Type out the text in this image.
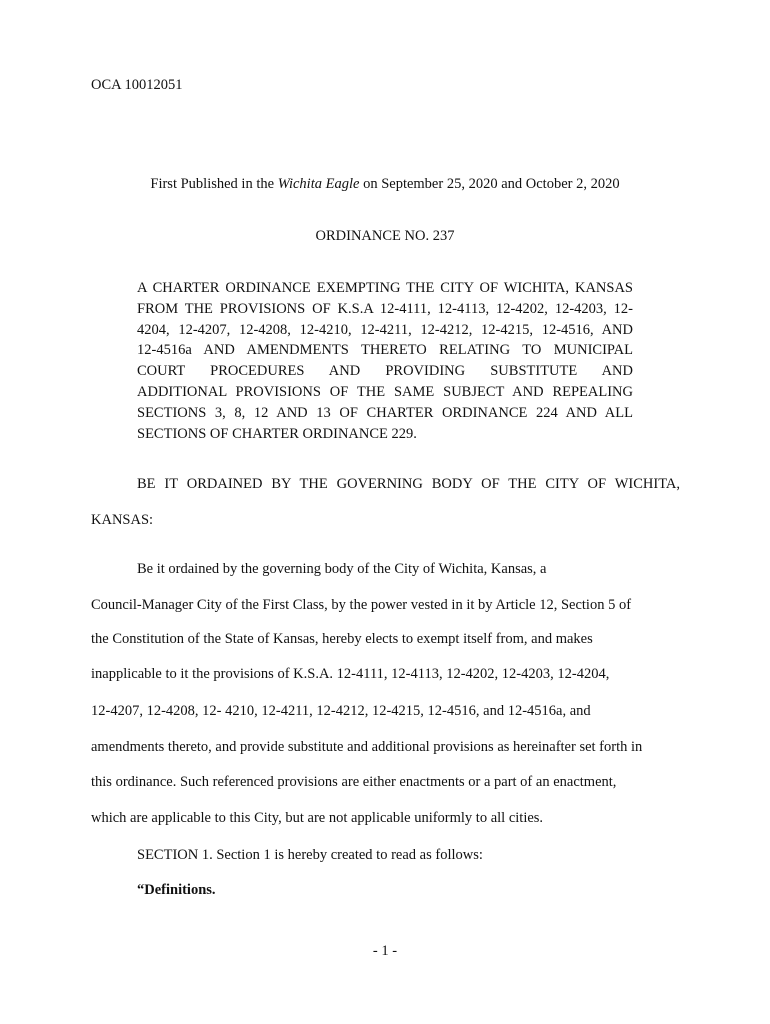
OCA 10012051
First Published in the Wichita Eagle on September 25, 2020 and October 2, 2020
ORDINANCE NO. 237
A CHARTER ORDINANCE EXEMPTING THE CITY OF WICHITA, KANSAS
FROM THE PROVISIONS OF K.S.A 12-4111, 12-4113, 12-4202, 12-4203, 12-
4204, 12-4207, 12-4208, 12-4210, 12-4211, 12-4212, 12-4215, 12-4516, AND
12-4516a AND AMENDMENTS THERETO RELATING TO MUNICIPAL
COURT PROCEDURES AND PROVIDING SUBSTITUTE AND
ADDITIONAL PROVISIONS OF THE SAME SUBJECT AND REPEALING
SECTIONS 3, 8, 12 AND 13 OF CHARTER ORDINANCE 224 AND ALL
SECTIONS OF CHARTER ORDINANCE 229.
BE IT ORDAINED BY THE GOVERNING BODY OF THE CITY OF WICHITA,
KANSAS:
Be it ordained by the governing body of the City of Wichita, Kansas, a
Council-Manager City of the First Class, by the power vested in it by Article 12, Section 5 of
the Constitution of the State of Kansas, hereby elects to exempt itself from, and makes
inapplicable to it the provisions of K.S.A. 12-4111, 12-4113, 12-4202, 12-4203, 12-4204,
12-4207, 12-4208, 12- 4210, 12-4211, 12-4212, 12-4215, 12-4516, and 12-4516a, and
amendments thereto, and provide substitute and additional provisions as hereinafter set forth in
this ordinance. Such referenced provisions are either enactments or a part of an enactment,
which are applicable to this City, but are not applicable uniformly to all cities.
SECTION 1. Section 1 is hereby created to read as follows:
“Definitions.
- 1 -
